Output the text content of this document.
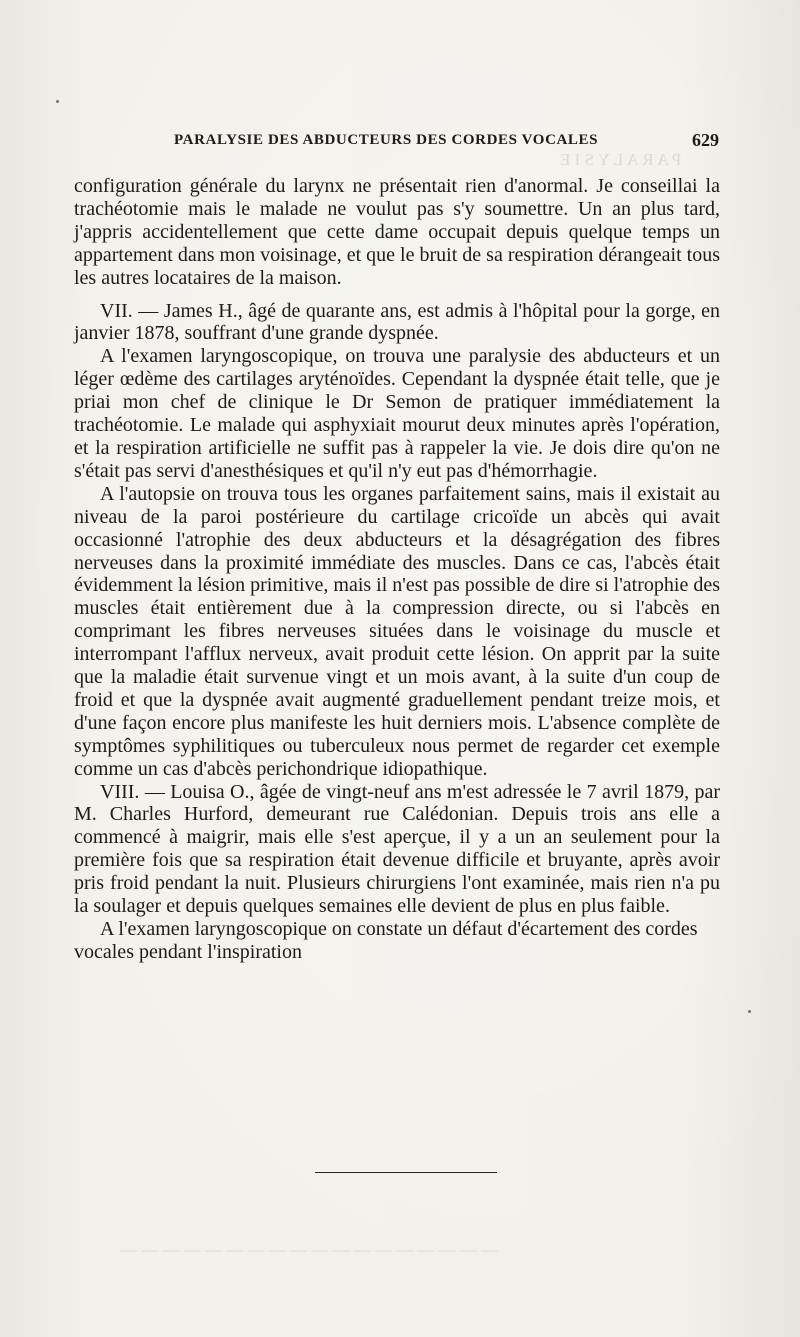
P A R A L Y S I E
— — — — — — — — — — — — — — — — — —
PARALYSIE DES ABDUCTEURS DES CORDES VOCALES	629

configuration générale du larynx ne présentait rien d'anormal. Je conseillai la trachéotomie mais le malade ne voulut pas s'y soumettre. Un an plus tard, j'appris accidentellement que cette dame occupait depuis quelque temps un appartement dans mon voisinage, et que le bruit de sa respiration dérangeait tous les autres locataires de la maison.

VII. — James H., âgé de quarante ans, est admis à l'hôpital pour la gorge, en janvier 1878, souffrant d'une grande dyspnée.

A l'examen laryngoscopique, on trouva une paralysie des abducteurs et un léger œdème des cartilages aryténoïdes. Cependant la dyspnée était telle, que je priai mon chef de clinique le Dr Semon de pratiquer immédiatement la trachéotomie. Le malade qui asphyxiait mourut deux minutes après l'opération, et la respiration artificielle ne suffit pas à rappeler la vie. Je dois dire qu'on ne s'était pas servi d'anesthésiques et qu'il n'y eut pas d'hémorrhagie.

A l'autopsie on trouva tous les organes parfaitement sains, mais il existait au niveau de la paroi postérieure du cartilage cricoïde un abcès qui avait occasionné l'atrophie des deux abducteurs et la désagrégation des fibres nerveuses dans la proximité immédiate des muscles. Dans ce cas, l'abcès était évidemment la lésion primitive, mais il n'est pas possible de dire si l'atrophie des muscles était entièrement due à la compression directe, ou si l'abcès en comprimant les fibres nerveuses situées dans le voisinage du muscle et interrompant l'afflux nerveux, avait produit cette lésion. On apprit par la suite que la maladie était survenue vingt et un mois avant, à la suite d'un coup de froid et que la dyspnée avait augmenté graduellement pendant treize mois, et d'une façon encore plus manifeste les huit derniers mois. L'absence complète de symptômes syphilitiques ou tuberculeux nous permet de regarder cet exemple comme un cas d'abcès perichondrique idiopathique.

VIII. — Louisa O., âgée de vingt-neuf ans m'est adressée le 7 avril 1879, par M. Charles Hurford, demeurant rue Calédonian. Depuis trois ans elle a commencé à maigrir, mais elle s'est aperçue, il y a un an seulement pour la première fois que sa respiration était devenue difficile et bruyante, après avoir pris froid pendant la nuit. Plusieurs chirurgiens l'ont examinée, mais rien n'a pu la soulager et depuis quelques semaines elle devient de plus en plus faible.

A l'examen laryngoscopique on constate un défaut d'écartement des cordes vocales pendant l'inspiration
